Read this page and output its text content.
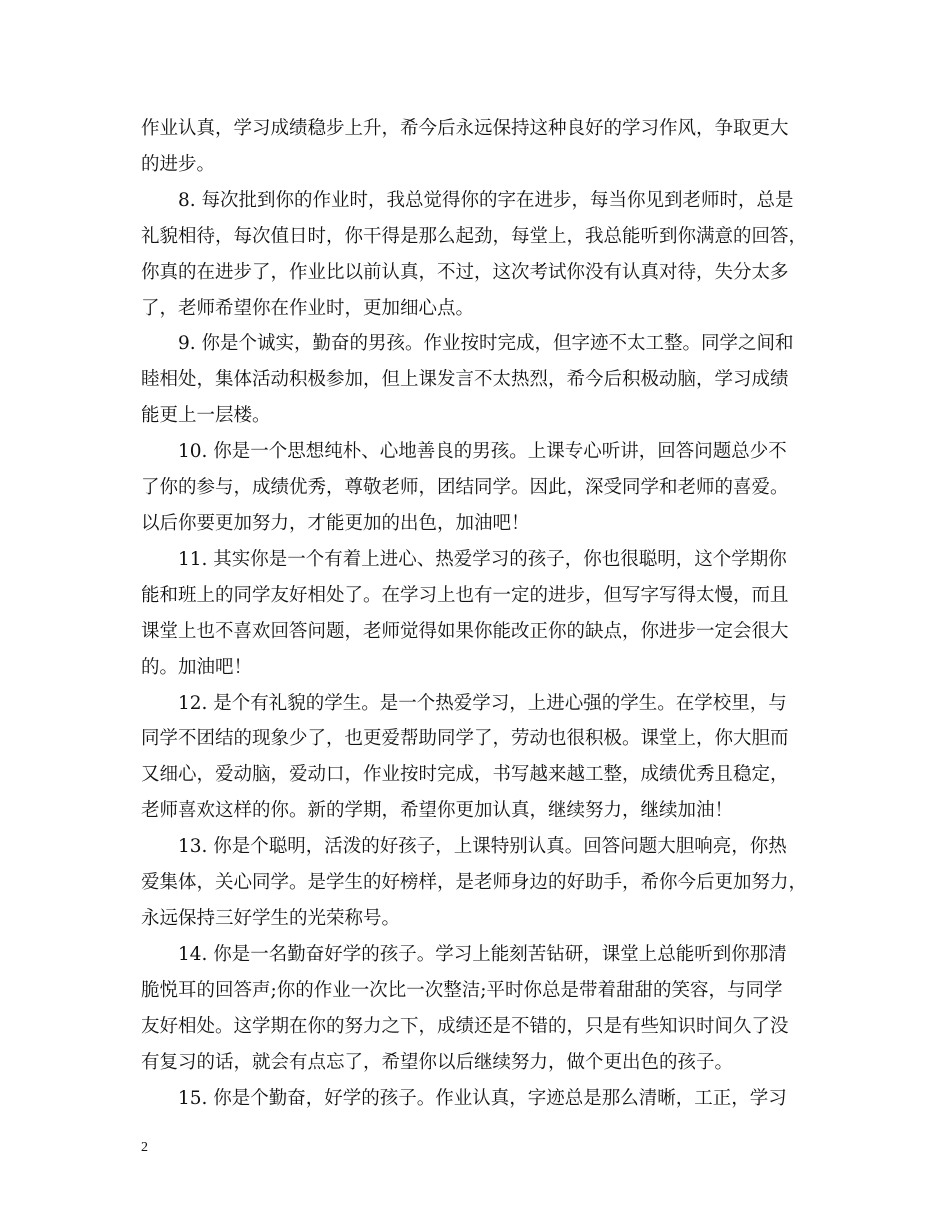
作业认真，学习成绩稳步上升，希今后永远保持这种良好的学习作风，争取更大
的进步。
8. 每次批到你的作业时，我总觉得你的字在进步，每当你见到老师时，总是
礼貌相待，每次值日时，你干得是那么起劲，每堂上，我总能听到你满意的回答，
你真的在进步了，作业比以前认真，不过，这次考试你没有认真对待，失分太多
了，老师希望你在作业时，更加细心点。
9. 你是个诚实，勤奋的男孩。作业按时完成，但字迹不太工整。同学之间和
睦相处，集体活动积极参加，但上课发言不太热烈，希今后积极动脑，学习成绩
能更上一层楼。
10. 你是一个思想纯朴、心地善良的男孩。上课专心听讲，回答问题总少不
了你的参与，成绩优秀，尊敬老师，团结同学。因此，深受同学和老师的喜爱。
以后你要更加努力，才能更加的出色，加油吧！
11. 其实你是一个有着上进心、热爱学习的孩子，你也很聪明，这个学期你
能和班上的同学友好相处了。在学习上也有一定的进步，但写字写得太慢，而且
课堂上也不喜欢回答问题，老师觉得如果你能改正你的缺点，你进步一定会很大
的。加油吧！
12. 是个有礼貌的学生。是一个热爱学习，上进心强的学生。在学校里，与
同学不团结的现象少了，也更爱帮助同学了，劳动也很积极。课堂上，你大胆而
又细心，爱动脑，爱动口，作业按时完成，书写越来越工整，成绩优秀且稳定，
老师喜欢这样的你。新的学期，希望你更加认真，继续努力，继续加油！
13. 你是个聪明，活泼的好孩子，上课特别认真。回答问题大胆响亮，你热
爱集体，关心同学。是学生的好榜样，是老师身边的好助手，希你今后更加努力，
永远保持三好学生的光荣称号。
14. 你是一名勤奋好学的孩子。学习上能刻苦钻研，课堂上总能听到你那清
脆悦耳的回答声;你的作业一次比一次整洁;平时你总是带着甜甜的笑容，与同学
友好相处。这学期在你的努力之下，成绩还是不错的，只是有些知识时间久了没
有复习的话，就会有点忘了，希望你以后继续努力，做个更出色的孩子。
15. 你是个勤奋，好学的孩子。作业认真，字迹总是那么清晰，工正，学习
2
